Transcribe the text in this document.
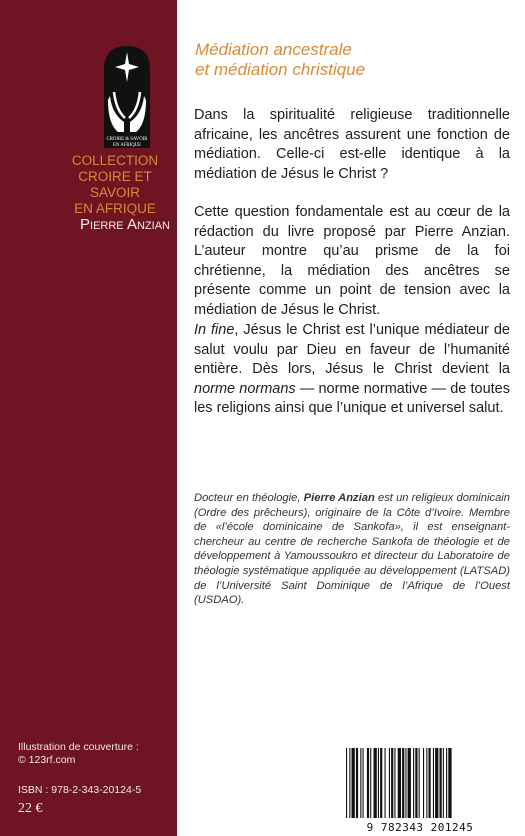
CROIRE & SAVOIR
EN AFRIQUE
COLLECTION
CROIRE ET SAVOIR
EN AFRIQUE
Pierre Anzian
Illustration de couverture :
© 123rf.com
ISBN : 978-2-343-20124-5
22 €
Médiation ancestrale
et médiation christique
Dans la spiritualité religieuse traditionnelle africaine, les ancêtres assurent une fonction de médiation. Celle-ci est-elle identique à la médiation de Jésus le Christ ?
Cette question fondamentale est au cœur de la rédaction du livre proposé par Pierre Anzian. L’auteur montre qu’au prisme de la foi chrétienne, la médiation des ancêtres se présente comme un point de tension avec la médiation de Jésus le Christ.
In fine, Jésus le Christ est l’unique médiateur de salut voulu par Dieu en faveur de l’humanité entière. Dès lors, Jésus le Christ devient la norme normans — norme normative — de toutes les religions ainsi que l’unique et universel salut.
Docteur en théologie, Pierre Anzian est un religieux dominicain (Ordre des prêcheurs), originaire de la Côte d’Ivoire. Membre de «l’école dominicaine de Sankofa», il est enseignant-chercheur au centre de recherche Sankofa de théologie et de développement à Yamoussoukro et directeur du Laboratoire de théologie systématique appliquée au développement (LATSAD) de l’Université Saint Dominique de l’Afrique de l’Ouest (USDAO).
9 782343 201245
